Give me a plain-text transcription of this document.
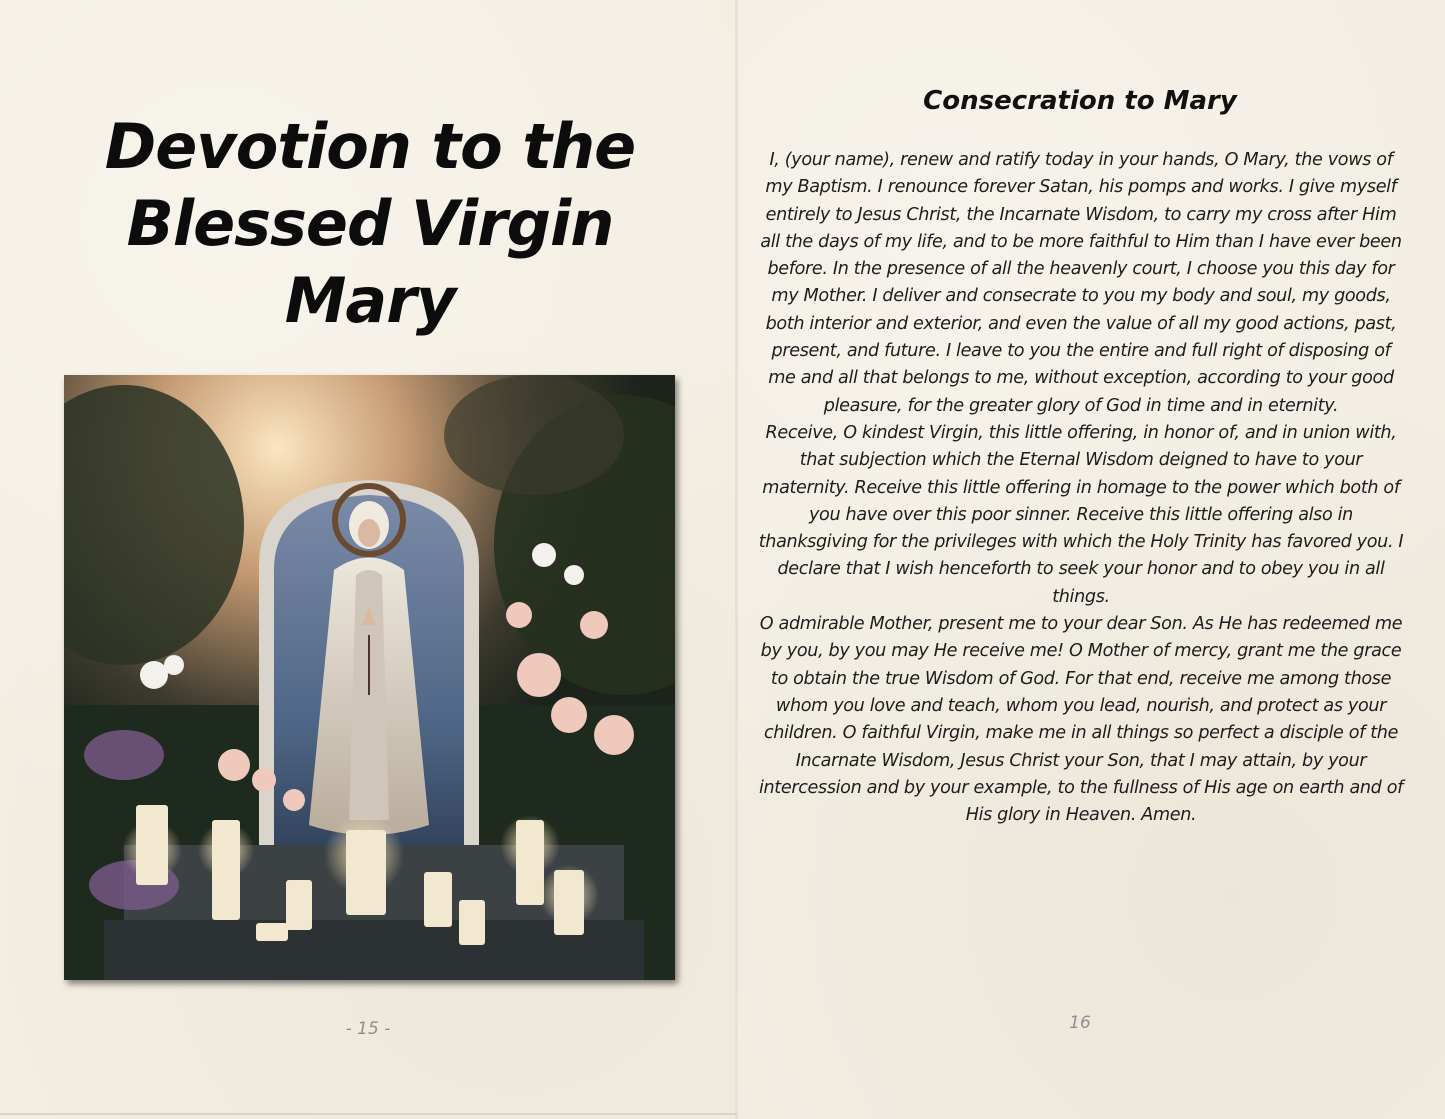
Devotion to the
Blessed Virgin
Mary
- 15 -
Consecration to Mary

I, (your name), renew and ratify today in your hands, O Mary, the vows of my Baptism. I renounce forever Satan, his pomps and works. I give myself entirely to Jesus Christ, the Incarnate Wisdom, to carry my cross after Him all the days of my life, and to be more faithful to Him than I have ever been before. In the presence of all the heavenly court, I choose you this day for my Mother. I deliver and consecrate to you my body and soul, my goods, both interior and exterior, and even the value of all my good actions, past, present, and future. I leave to you the entire and full right of disposing of me and all that belongs to me, without exception, according to your good pleasure, for the greater glory of God in time and in eternity.

Receive, O kindest Virgin, this little offering, in honor of, and in union with, that subjection which the Eternal Wisdom deigned to have to your maternity. Receive this little offering in homage to the power which both of you have over this poor sinner. Receive this little offering also in thanksgiving for the privileges with which the Holy Trinity has favored you. I declare that I wish henceforth to seek your honor and to obey you in all things.

O admirable Mother, present me to your dear Son. As He has redeemed me by you, by you may He receive me! O Mother of mercy, grant me the grace to obtain the true Wisdom of God. For that end, receive me among those whom you love and teach, whom you lead, nourish, and protect as your children. O faithful Virgin, make me in all things so perfect a disciple of the Incarnate Wisdom, Jesus Christ your Son, that I may attain, by your intercession and by your example, to the fullness of His age on earth and of His glory in Heaven. Amen.

16
